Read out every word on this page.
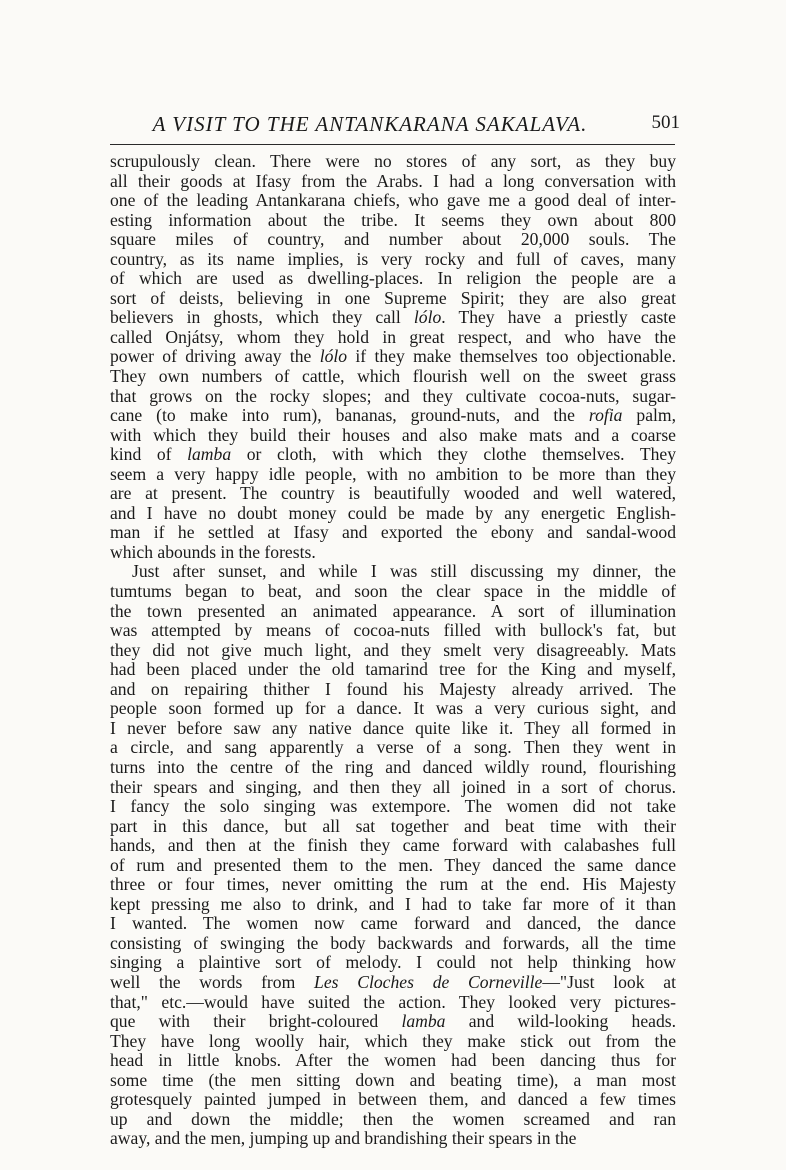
A VISIT TO THE ANTANKARANA SAKALAVA.	501
scrupulously clean. There were no stores of any sort, as they buy
all their goods at Ifasy from the Arabs. I had a long conversation with
one of the leading Antankarana chiefs, who gave me a good deal of inter-
esting information about the tribe. It seems they own about 800
square miles of country, and number about 20,000 souls. The
country, as its name implies, is very rocky and full of caves, many
of which are used as dwelling-places. In religion the people are a
sort of deists, believing in one Supreme Spirit; they are also great
believers in ghosts, which they call lólo. They have a priestly caste
called Onjátsy, whom they hold in great respect, and who have the
power of driving away the lólo if they make themselves too objectionable.
They own numbers of cattle, which flourish well on the sweet grass
that grows on the rocky slopes; and they cultivate cocoa-nuts, sugar-
cane (to make into rum), bananas, ground-nuts, and the rofia palm,
with which they build their houses and also make mats and a coarse
kind of lamba or cloth, with which they clothe themselves. They
seem a very happy idle people, with no ambition to be more than they
are at present. The country is beautifully wooded and well watered,
and I have no doubt money could be made by any energetic English-
man if he settled at Ifasy and exported the ebony and sandal-wood
which abounds in the forests.
Just after sunset, and while I was still discussing my dinner, the
tumtums began to beat, and soon the clear space in the middle of
the town presented an animated appearance. A sort of illumination
was attempted by means of cocoa-nuts filled with bullock's fat, but
they did not give much light, and they smelt very disagreeably. Mats
had been placed under the old tamarind tree for the King and myself,
and on repairing thither I found his Majesty already arrived. The
people soon formed up for a dance. It was a very curious sight, and
I never before saw any native dance quite like it. They all formed in
a circle, and sang apparently a verse of a song. Then they went in
turns into the centre of the ring and danced wildly round, flourishing
their spears and singing, and then they all joined in a sort of chorus.
I fancy the solo singing was extempore. The women did not take
part in this dance, but all sat together and beat time with their
hands, and then at the finish they came forward with calabashes full
of rum and presented them to the men. They danced the same dance
three or four times, never omitting the rum at the end. His Majesty
kept pressing me also to drink, and I had to take far more of it than
I wanted. The women now came forward and danced, the dance
consisting of swinging the body backwards and forwards, all the time
singing a plaintive sort of melody. I could not help thinking how
well the words from Les Cloches de Corneville—"Just look at
that," etc.—would have suited the action. They looked very pictures-
que with their bright-coloured lamba and wild-looking heads.
They have long woolly hair, which they make stick out from the
head in little knobs. After the women had been dancing thus for
some time (the men sitting down and beating time), a man most
grotesquely painted jumped in between them, and danced a few times
up and down the middle; then the women screamed and ran
away, and the men, jumping up and brandishing their spears in the
